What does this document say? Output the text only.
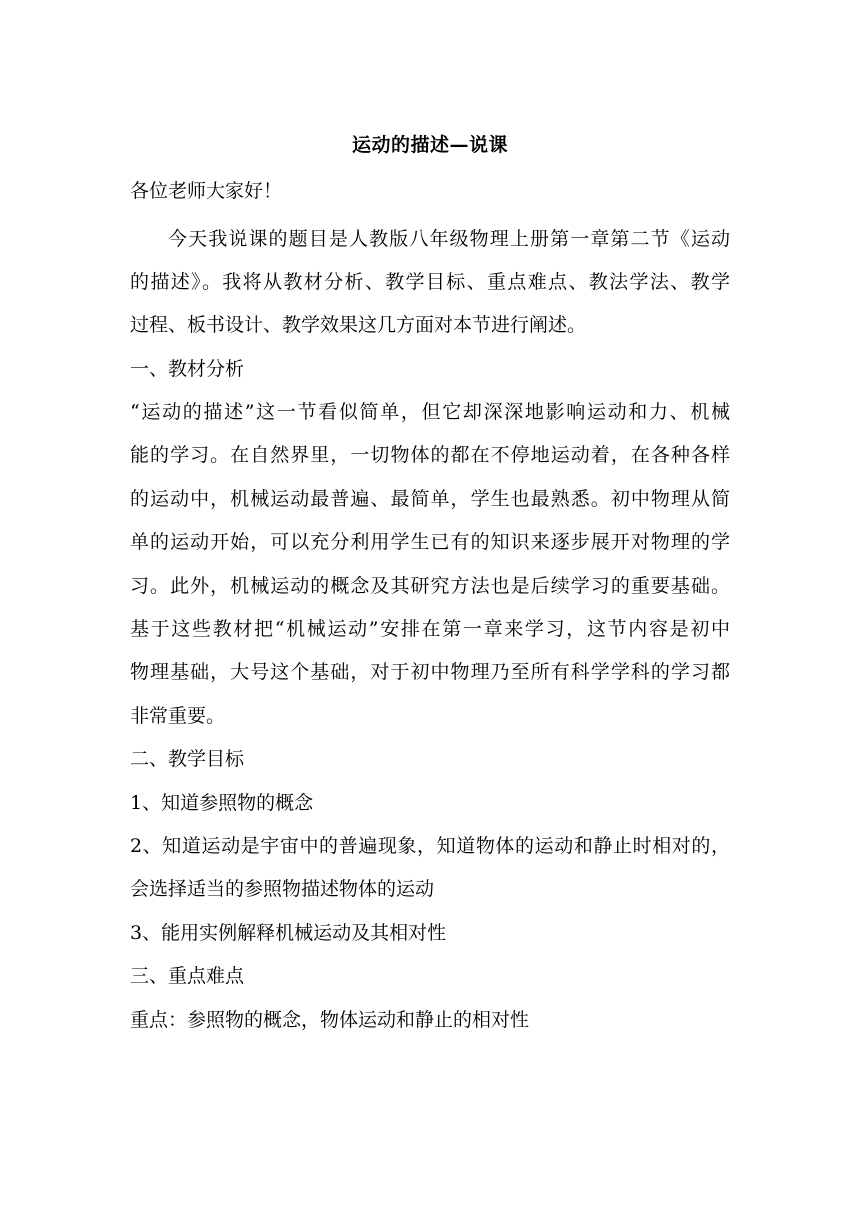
运动的描述—说课
各位老师大家好！
今天我说课的题目是人教版八年级物理上册第一章第二节《运动
的描述》。我将从教材分析、教学目标、重点难点、教法学法、教学
过程、板书设计、教学效果这几方面对本节进行阐述。
一、教材分析
“运动的描述”这一节看似简单，但它却深深地影响运动和力、机械
能的学习。在自然界里，一切物体的都在不停地运动着，在各种各样
的运动中，机械运动最普遍、最简单，学生也最熟悉。初中物理从简
单的运动开始，可以充分利用学生已有的知识来逐步展开对物理的学
习。此外，机械运动的概念及其研究方法也是后续学习的重要基础。
基于这些教材把“机械运动”安排在第一章来学习，这节内容是初中
物理基础，大号这个基础，对于初中物理乃至所有科学学科的学习都
非常重要。
二、教学目标
1、知道参照物的概念
2、知道运动是宇宙中的普遍现象，知道物体的运动和静止时相对的，
会选择适当的参照物描述物体的运动
3、能用实例解释机械运动及其相对性
三、重点难点
重点：参照物的概念，物体运动和静止的相对性
